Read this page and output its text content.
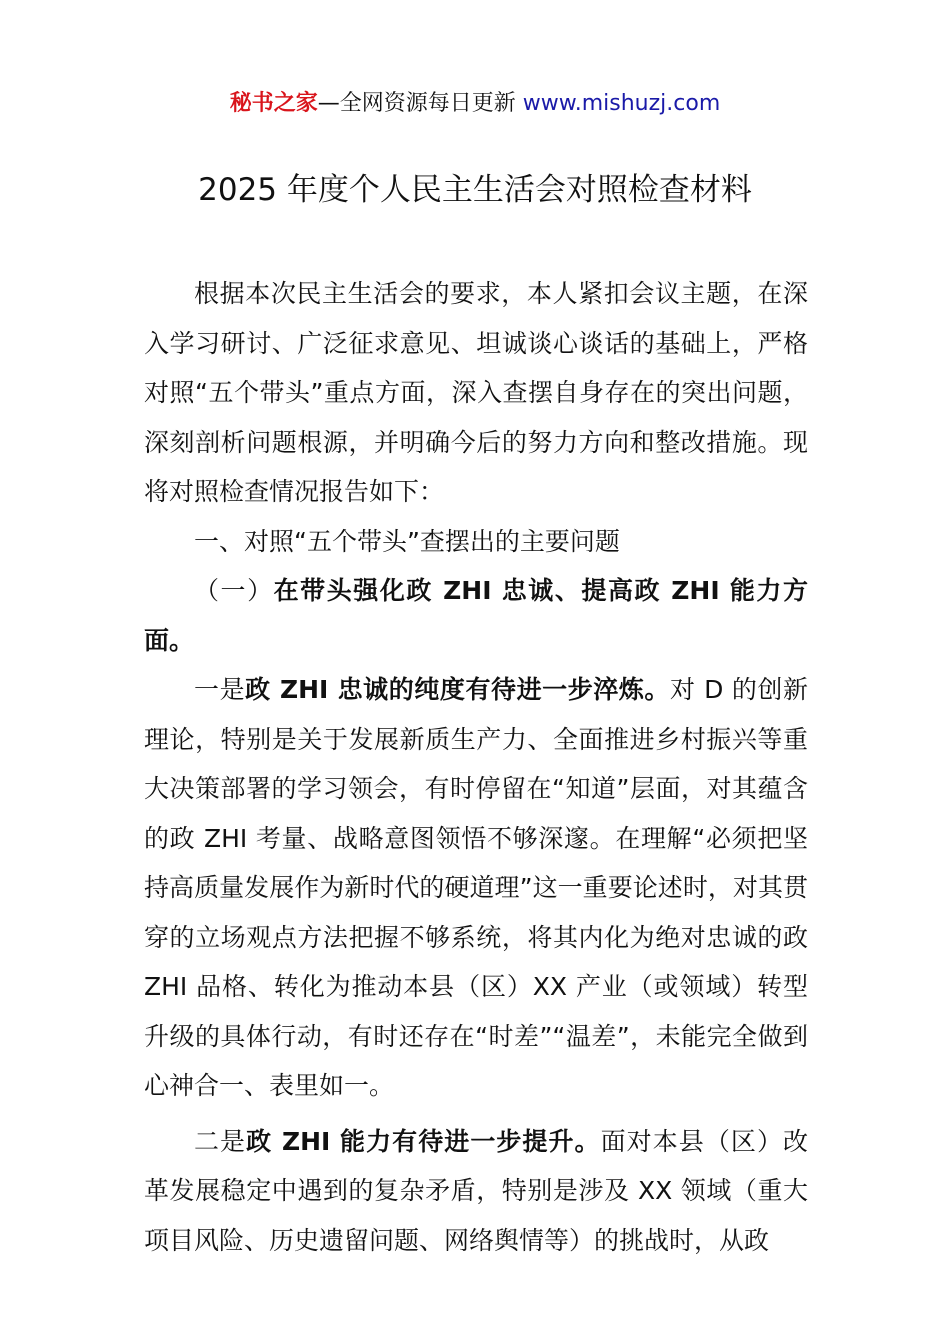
秘书之家—全网资源每日更新 www.mishuzj.com
2025 年度个人民主生活会对照检查材料

根据本次民主生活会的要求，本人紧扣会议主题，在深入学习研讨、广泛征求意见、坦诚谈心谈话的基础上，严格对照“五个带头”重点方面，深入查摆自身存在的突出问题，深刻剖析问题根源，并明确今后的努力方向和整改措施。现将对照检查情况报告如下：

一、对照“五个带头”查摆出的主要问题

（一）在带头强化政 ZHI 忠诚、提高政 ZHI 能力方面。

一是政 ZHI 忠诚的纯度有待进一步淬炼。对 D 的创新理论，特别是关于发展新质生产力、全面推进乡村振兴等重大决策部署的学习领会，有时停留在“知道”层面，对其蕴含的政 ZHI 考量、战略意图领悟不够深邃。在理解“必须把坚持高质量发展作为新时代的硬道理”这一重要论述时，对其贯穿的立场观点方法把握不够系统，将其内化为绝对忠诚的政 ZHI 品格、转化为推动本县（区）XX 产业（或领域）转型升级的具体行动，有时还存在“时差”“温差”，未能完全做到心神合一、表里如一。

二是政 ZHI 能力有待进一步提升。面对本县（区）改革发展稳定中遇到的复杂矛盾，特别是涉及 XX 领域（重大项目风险、历史遗留问题、网络舆情等）的挑战时，从政
